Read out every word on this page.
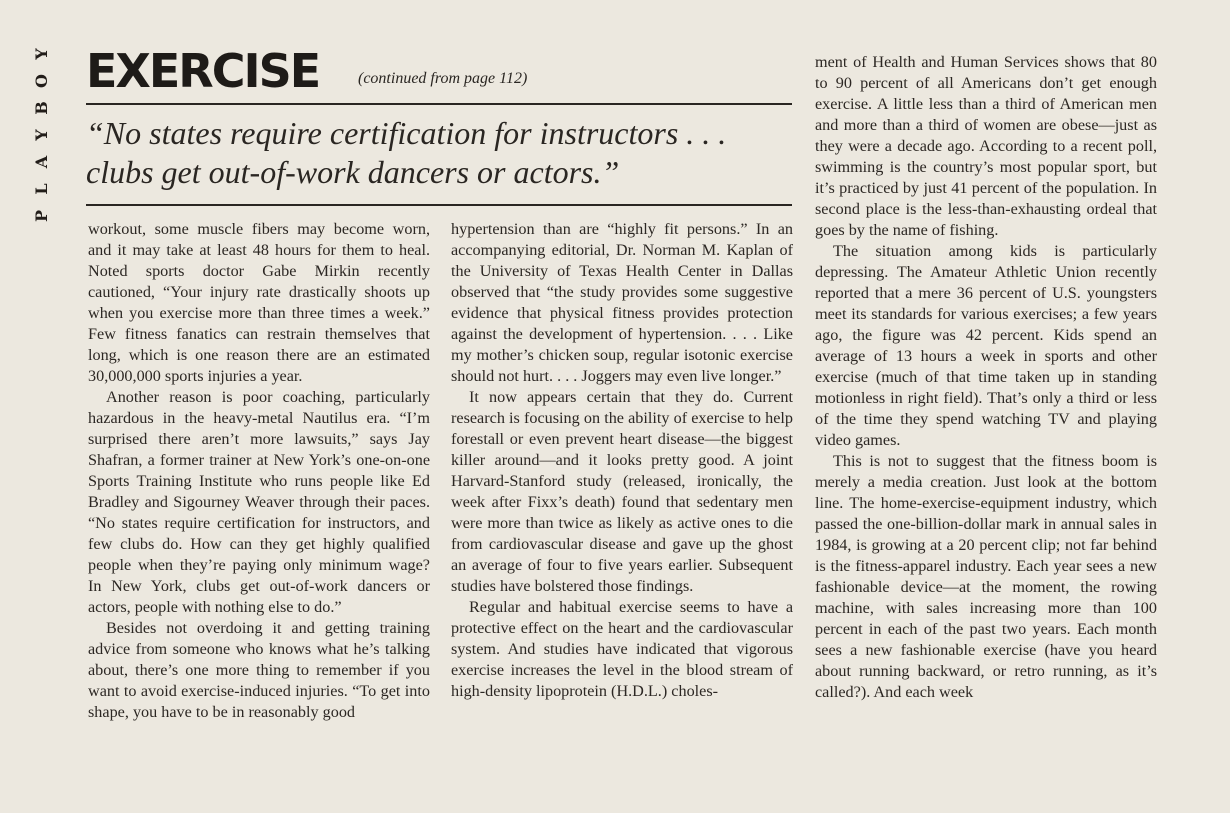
Y
O
B
Y
A
L
P
EXERCISE (continued from page 112)

“No states require certification for instructors . . . clubs get out-of-work dancers or actors.”

workout, some muscle fibers may become worn, and it may take at least 48 hours for them to heal. Noted sports doctor Gabe Mirkin recently cautioned, “Your injury rate drastically shoots up when you exercise more than three times a week.” Few fitness fanatics can restrain themselves that long, which is one reason there are an estimated 30,000,000 sports injuries a year.

Another reason is poor coaching, particularly hazardous in the heavy-metal Nautilus era. “I’m surprised there aren’t more lawsuits,” says Jay Shafran, a former trainer at New York’s one-on-one Sports Training Institute who runs people like Ed Bradley and Sigourney Weaver through their paces. “No states require certification for instructors, and few clubs do. How can they get highly qualified people when they’re paying only minimum wage? In New York, clubs get out-of-work dancers or actors, people with nothing else to do.”

Besides not overdoing it and getting training advice from someone who knows what he’s talking about, there’s one more thing to remember if you want to avoid exercise-induced injuries. “To get into shape, you have to be in reasonably good

hypertension than are “highly fit persons.” In an accompanying editorial, Dr. Norman M. Kaplan of the University of Texas Health Center in Dallas observed that “the study provides some suggestive evidence that physical fitness provides protection against the development of hypertension. . . . Like my mother’s chicken soup, regular isotonic exercise should not hurt. . . . Joggers may even live longer.”

It now appears certain that they do. Current research is focusing on the ability of exercise to help forestall or even prevent heart disease—the biggest killer around—and it looks pretty good. A joint Harvard-Stanford study (released, ironically, the week after Fixx’s death) found that sedentary men were more than twice as likely as active ones to die from cardiovascular disease and gave up the ghost an average of four to five years earlier. Subsequent studies have bolstered those findings.

Regular and habitual exercise seems to have a protective effect on the heart and the cardiovascular system. And studies have indicated that vigorous exercise increases the level in the blood stream of high-density lipoprotein (H.D.L.) choles-

ment of Health and Human Services shows that 80 to 90 percent of all Americans don’t get enough exercise. A little less than a third of American men and more than a third of women are obese—just as they were a decade ago. According to a recent poll, swimming is the country’s most popular sport, but it’s practiced by just 41 percent of the population. In second place is the less-than-exhausting ordeal that goes by the name of fishing.

The situation among kids is particularly depressing. The Amateur Athletic Union recently reported that a mere 36 percent of U.S. youngsters meet its standards for various exercises; a few years ago, the figure was 42 percent. Kids spend an average of 13 hours a week in sports and other exercise (much of that time taken up in standing motionless in right field). That’s only a third or less of the time they spend watching TV and playing video games.

This is not to suggest that the fitness boom is merely a media creation. Just look at the bottom line. The home-exercise-equipment industry, which passed the one-billion-dollar mark in annual sales in 1984, is growing at a 20 percent clip; not far behind is the fitness-apparel industry. Each year sees a new fashionable device—at the moment, the rowing machine, with sales increasing more than 100 percent in each of the past two years. Each month sees a new fashionable exercise (have you heard about running backward, or retro running, as it’s called?). And each week
